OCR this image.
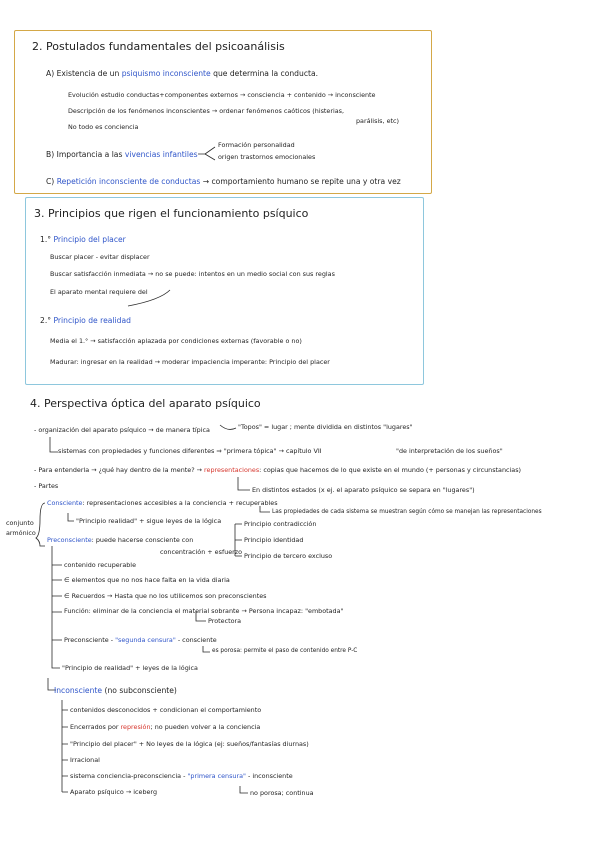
2. Postulados fundamentales del psicoanálisis
A) Existencia de un psiquismo inconsciente que determina la conducta.
Evolución estudio conductas+componentes externos → consciencia + contenido → inconsciente
Descripción de los fenómenos inconscientes → ordenar fenómenos caóticos (histerias,
parálisis, etc)
No todo es conciencia
B) Importancia a las vivencias infantiles
Formación personalidad
origen trastornos emocionales
C) Repetición inconsciente de conductas → comportamiento humano se repite una y otra vez
3. Principios que rigen el funcionamiento psíquico
1.° Principio del placer
Buscar placer - evitar displacer
Buscar satisfacción inmediata → no se puede: intentos en un medio social con sus reglas
El aparato mental requiere del
2.° Principio de realidad
Media el 1.° → satisfacción aplazada por condiciones externas (favorable o no)
Madurar: ingresar en la realidad → moderar impaciencia imperante: Principio del placer
4. Perspectiva óptica del aparato psíquico
- organización del aparato psíquico → de manera típica	"Topos" = lugar ; mente dividida en distintos "lugares"
sistemas con propiedades y funciones diferentes ⇒ "primera tópica" → capítulo VII	"de interpretación de los sueños"
- Para entenderla → ¿qué hay dentro de la mente? → representaciones: copias que hacemos de lo que existe en el mundo (+ personas y circunstancias)
- Partes	En distintos estados (x ej. el aparato psíquico se separa en "lugares")
conjunto
armónico
Consciente: representaciones accesibles a la conciencia + recuperables
Las propiedades de cada sistema se muestran según cómo se manejan las representaciones
"Principio realidad" + sigue leyes de la lógica	Principio contradicción
Principio identidad
Principio de tercero excluso
Preconsciente: puede hacerse consciente con
concentración + esfuerzo
contenido recuperable
∈ elementos que no nos hace falta en la vida diaria
∈ Recuerdos → Hasta que no los utilicemos son preconscientes
Función: eliminar de la conciencia el material sobrante → Persona incapaz: "embotada"
Protectora
Preconsciente - "segunda censura" - consciente
es porosa: permite el paso de contenido entre P-C
"Principio de realidad" + leyes de la lógica
Inconsciente (no subconsciente)
contenidos desconocidos + condicionan el comportamiento
Encerrados por represión; no pueden volver a la conciencia
"Principio del placer" + No leyes de la lógica (ej: sueños/fantasías diurnas)
Irracional
sistema conciencia-preconsciencia - "primera censura" - inconsciente
Aparato psíquico → iceberg	no porosa; continua
